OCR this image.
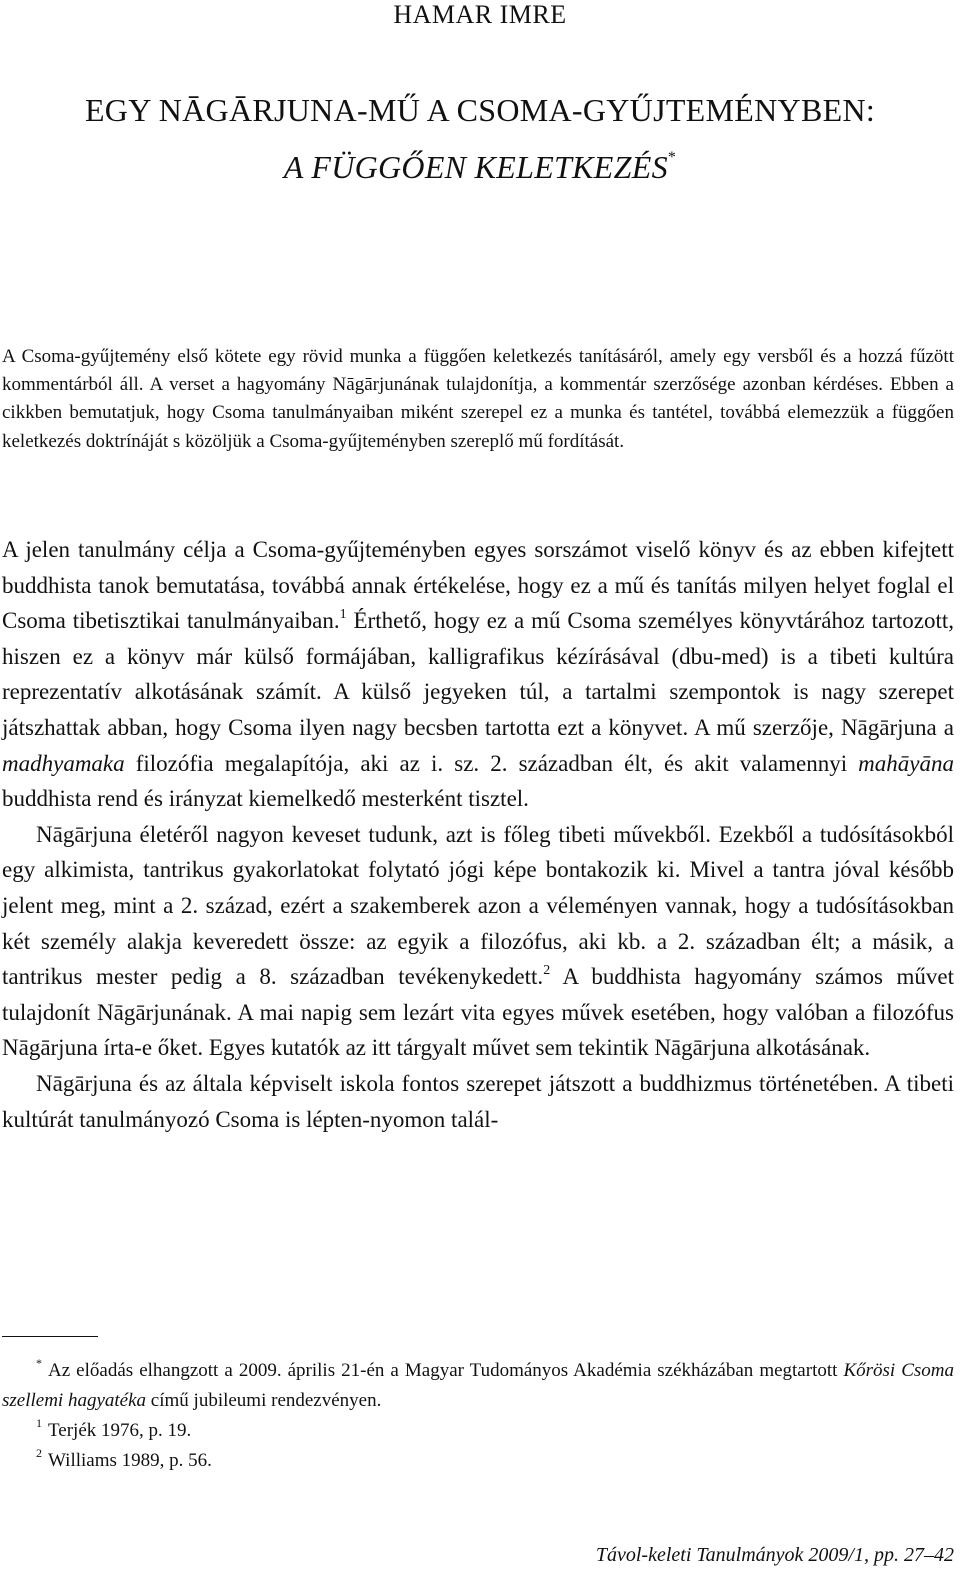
HAMAR IMRE
EGY NĀGĀRJUNA-MŰ A CSOMA-GYŰJTEMÉNYBEN:
A FÜGGŐEN KELETKEZÉS*

A Csoma-gyűjtemény első kötete egy rövid munka a függően keletkezés tanításáról, amely egy versből és a hozzá fűzött kommentárból áll. A verset a hagyomány Nāgārjunának tulajdonítja, a kommentár szerzősége azonban kérdéses. Ebben a cikkben bemutatjuk, hogy Csoma tanulmányaiban miként szerepel ez a munka és tantétel, továbbá elemezzük a függően keletkezés doktrínáját s közöljük a Csoma-gyűjteményben szereplő mű fordítását.

A jelen tanulmány célja a Csoma-gyűjteményben egyes sorszámot viselő könyv és az ebben kifejtett buddhista tanok bemutatása, továbbá annak értékelése, hogy ez a mű és tanítás milyen helyet foglal el Csoma tibetisztikai tanulmányaiban.$^1$ Érthető, hogy ez a mű Csoma személyes könyvtárához tartozott, hiszen ez a könyv már külső formájában, kalligrafikus kézírásával (dbu-med) is a tibeti kultúra reprezentatív alkotásának számít. A külső jegyeken túl, a tartalmi szempontok is nagy szerepet játszhattak abban, hogy Csoma ilyen nagy becsben tartotta ezt a könyvet. A mű szerzője, Nāgārjuna a madhyamaka filozófia megalapítója, aki az i. sz. 2. században élt, és akit valamennyi mahāyāna buddhista rend és irányzat kiemelkedő mesterként tisztel.

Nāgārjuna életéről nagyon keveset tudunk, azt is főleg tibeti művekből. Ezekből a tudósításokból egy alkimista, tantrikus gyakorlatokat folytató jógi képe bontakozik ki. Mivel a tantra jóval később jelent meg, mint a 2. század, ezért a szakemberek azon a véleményen vannak, hogy a tudósításokban két személy alakja keveredett össze: az egyik a filozófus, aki kb. a 2. században élt; a másik, a tantrikus mester pedig a 8. században tevékenykedett.$^2$ A buddhista hagyomány számos művet tulajdonít Nāgārjunának. A mai napig sem lezárt vita egyes művek esetében, hogy valóban a filozófus Nāgārjuna írta-e őket. Egyes kutatók az itt tárgyalt művet sem tekintik Nāgārjuna alkotásának.

Nāgārjuna és az általa képviselt iskola fontos szerepet játszott a buddhizmus történetében. A tibeti kultúrát tanulmányozó Csoma is lépten-nyomon talál-

* Az előadás elhangzott a 2009. április 21-én a Magyar Tudományos Akadémia székházában megtartott Kőrösi Csoma szellemi hagyatéka című jubileumi rendezvényen.

$^1$ Terjék 1976, p. 19.

$^2$ Williams 1989, p. 56.

Távol-keleti Tanulmányok 2009/1, pp. 27–42
